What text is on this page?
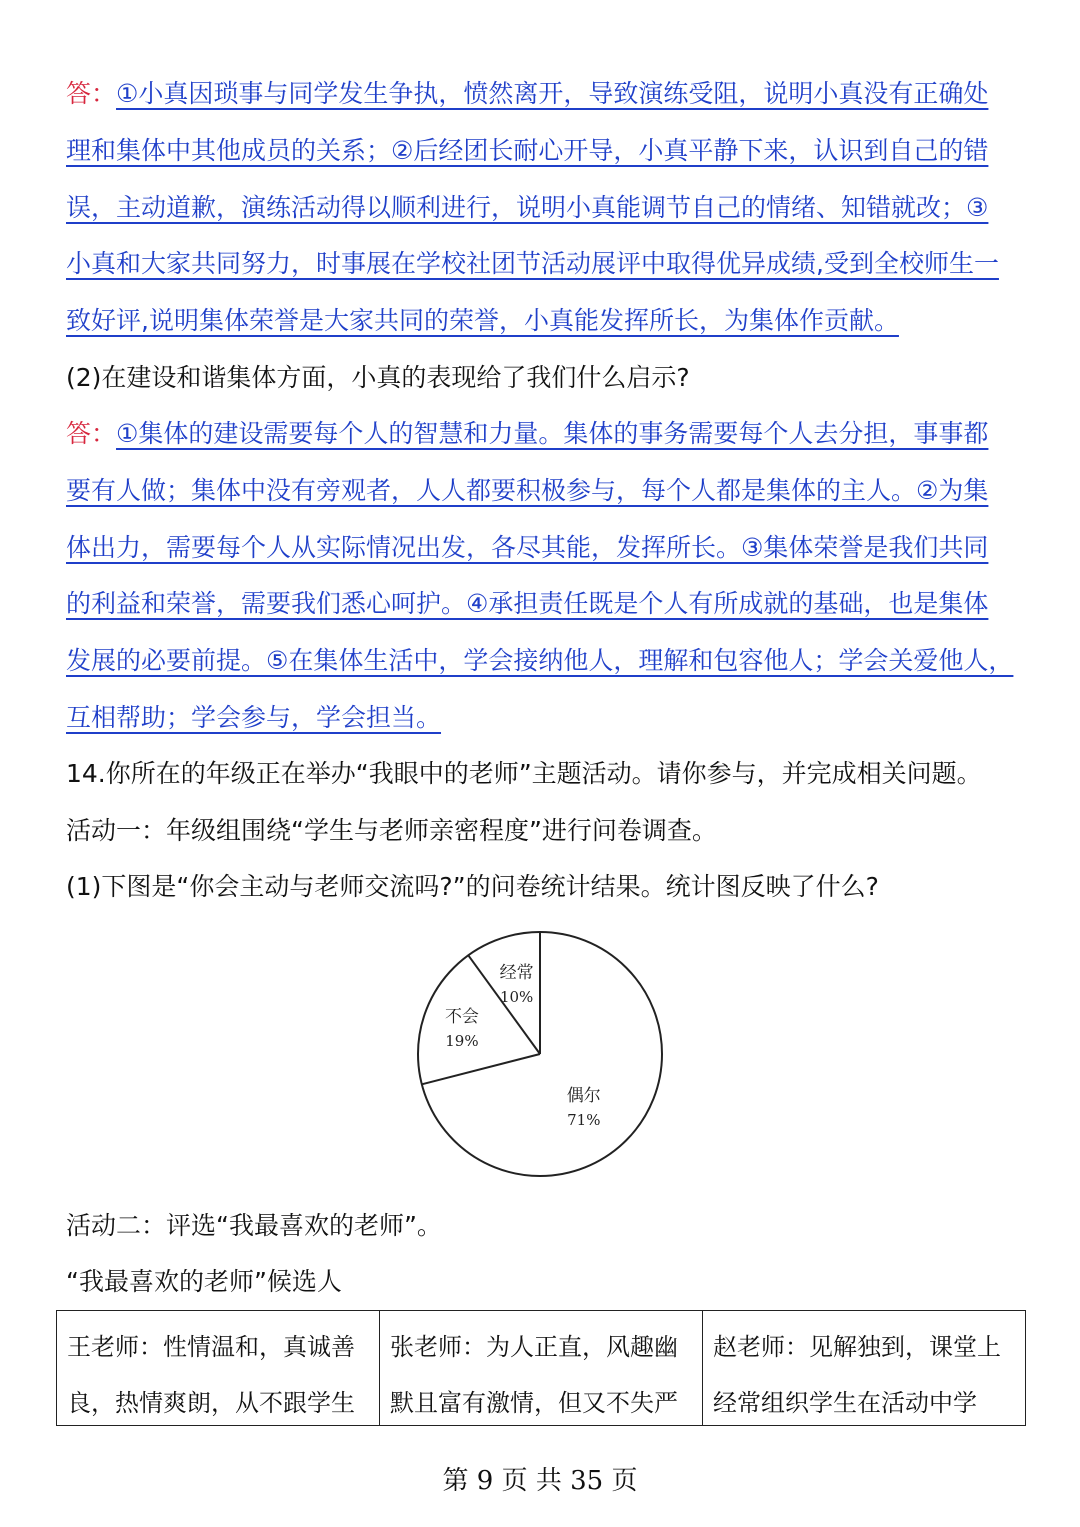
答：①小真因琐事与同学发生争执，愤然离开，导致演练受阻，说明小真没有正确处
理和集体中其他成员的关系；②后经团长耐心开导，小真平静下来，认识到自己的错
误，主动道歉，演练活动得以顺利进行，说明小真能调节自己的情绪、知错就改；③
小真和大家共同努力，时事展在学校社团节活动展评中取得优异成绩,受到全校师生一
致好评,说明集体荣誉是大家共同的荣誉，小真能发挥所长，为集体作贡献。
(2)在建设和谐集体方面，小真的表现给了我们什么启示?
答：①集体的建设需要每个人的智慧和力量。集体的事务需要每个人去分担，事事都
要有人做；集体中没有旁观者，人人都要积极参与，每个人都是集体的主人。②为集
体出力，需要每个人从实际情况出发，各尽其能，发挥所长。③集体荣誉是我们共同
的利益和荣誉，需要我们悉心呵护。④承担责任既是个人有所成就的基础，也是集体
发展的必要前提。⑤在集体生活中，学会接纳他人，理解和包容他人；学会关爱他人，
互相帮助；学会参与，学会担当。
14.你所在的年级正在举办“我眼中的老师”主题活动。请你参与，并完成相关问题。
活动一：年级组围绕“学生与老师亲密程度”进行问卷调查。
(1)下图是“你会主动与老师交流吗?”的问卷统计结果。统计图反映了什么?
经常
10%
不会
19%
偶尔
71%
活动二：评选“我最喜欢的老师”。
“我最喜欢的老师”候选人
王老师：性情温和，真诚善
良，热情爽朗，从不跟学生
张老师：为人正直，风趣幽
默且富有激情，但又不失严
赵老师：见解独到，课堂上
经常组织学生在活动中学
第 9 页 共 35 页
